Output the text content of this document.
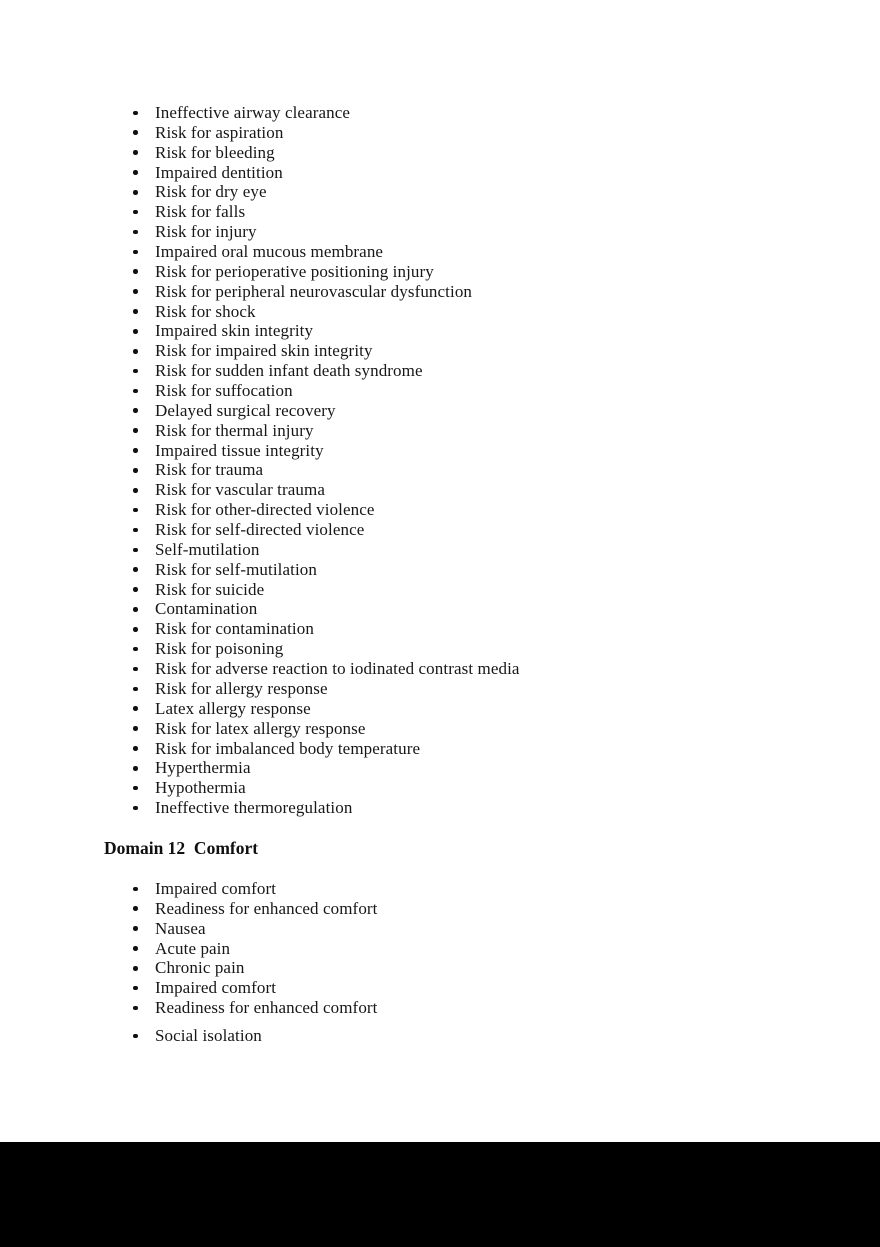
Ineffective airway clearance
Risk for aspiration
Risk for bleeding
Impaired dentition
Risk for dry eye
Risk for falls
Risk for injury
Impaired oral mucous membrane
Risk for perioperative positioning injury
Risk for peripheral neurovascular dysfunction
Risk for shock
Impaired skin integrity
Risk for impaired skin integrity
Risk for sudden infant death syndrome
Risk for suffocation
Delayed surgical recovery
Risk for thermal injury
Impaired tissue integrity
Risk for trauma
Risk for vascular trauma
Risk for other-directed violence
Risk for self-directed violence
Self-mutilation
Risk for self-mutilation
Risk for suicide
Contamination
Risk for contamination
Risk for poisoning
Risk for adverse reaction to iodinated contrast media
Risk for allergy response
Latex allergy response
Risk for latex allergy response
Risk for imbalanced body temperature
Hyperthermia
Hypothermia
Ineffective thermoregulation
Domain 12  Comfort
Impaired comfort
Readiness for enhanced comfort
Nausea
Acute pain
Chronic pain
Impaired comfort
Readiness for enhanced comfort
Social isolation
